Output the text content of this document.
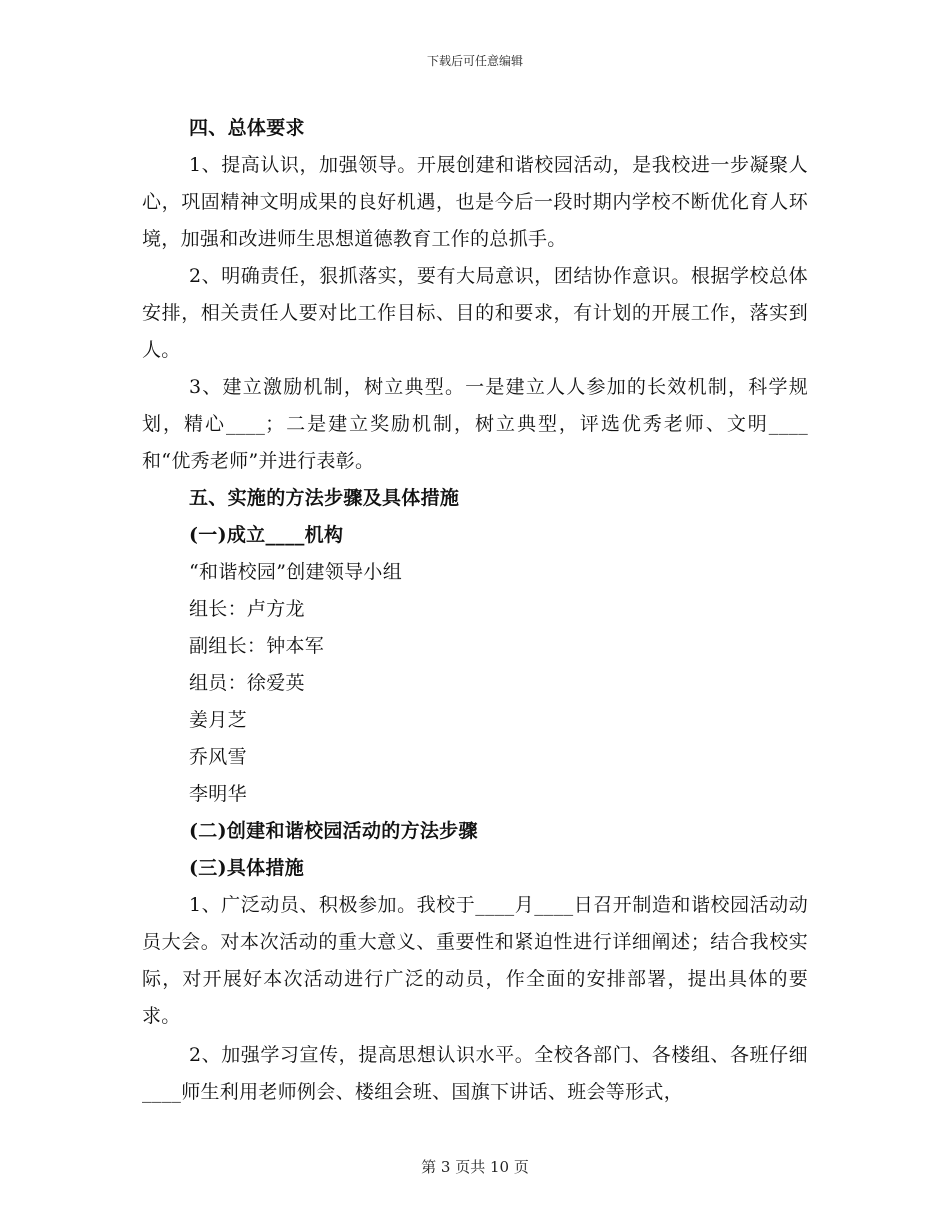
下载后可任意编辑

四、总体要求

1、提高认识，加强领导。开展创建和谐校园活动，是我校进一步凝聚人心，巩固精神文明成果的良好机遇，也是今后一段时期内学校不断优化育人环境，加强和改进师生思想道德教育工作的总抓手。

2、明确责任，狠抓落实，要有大局意识，团结协作意识。根据学校总体安排，相关责任人要对比工作目标、目的和要求，有计划的开展工作，落实到人。

3、建立激励机制，树立典型。一是建立人人参加的长效机制，科学规划，精心____；二是建立奖励机制，树立典型，评选优秀老师、文明____和“优秀老师”并进行表彰。

五、实施的方法步骤及具体措施

(一)成立____机构

“和谐校园”创建领导小组

组长：卢方龙

副组长：钟本军

组员：徐爱英

姜月芝

乔风雪

李明华

(二)创建和谐校园活动的方法步骤

(三)具体措施

1、广泛动员、积极参加。我校于____月____日召开制造和谐校园活动动员大会。对本次活动的重大意义、重要性和紧迫性进行详细阐述；结合我校实际，对开展好本次活动进行广泛的动员，作全面的安排部署，提出具体的要求。

2、加强学习宣传，提高思想认识水平。全校各部门、各楼组、各班仔细____师生利用老师例会、楼组会班、国旗下讲话、班会等形式，

第 3 页共 10 页
